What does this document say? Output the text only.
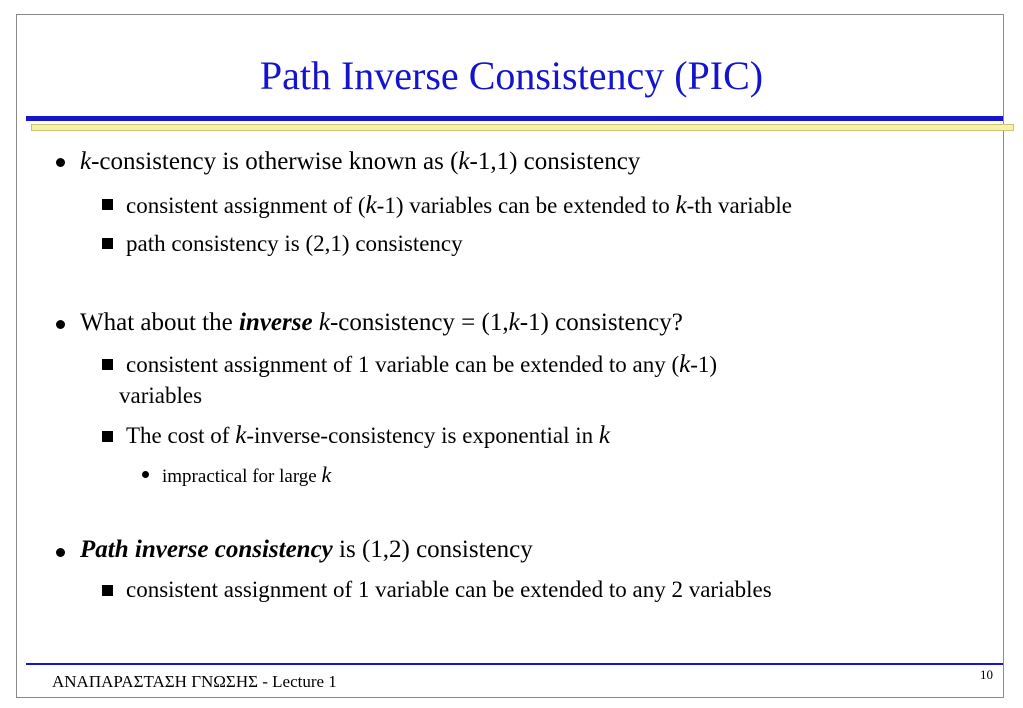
Path Inverse Consistency (PIC)
k-consistency is otherwise known as (k-1,1) consistency
consistent assignment of (k-1) variables can be extended to k-th variable
path consistency is (2,1) consistency
What about the inverse k-consistency = (1,k-1) consistency?
consistent assignment of 1 variable can be extended to any (k-1)
variables
The cost of k-inverse-consistency is exponential in k
impractical for large k
Path inverse consistency is (1,2) consistency
consistent assignment of 1 variable can be extended to any 2 variables
ΑΝΑΠΑΡΑΣΤΑΣΗ ΓΝΩΣΗΣ - Lecture 1	10
